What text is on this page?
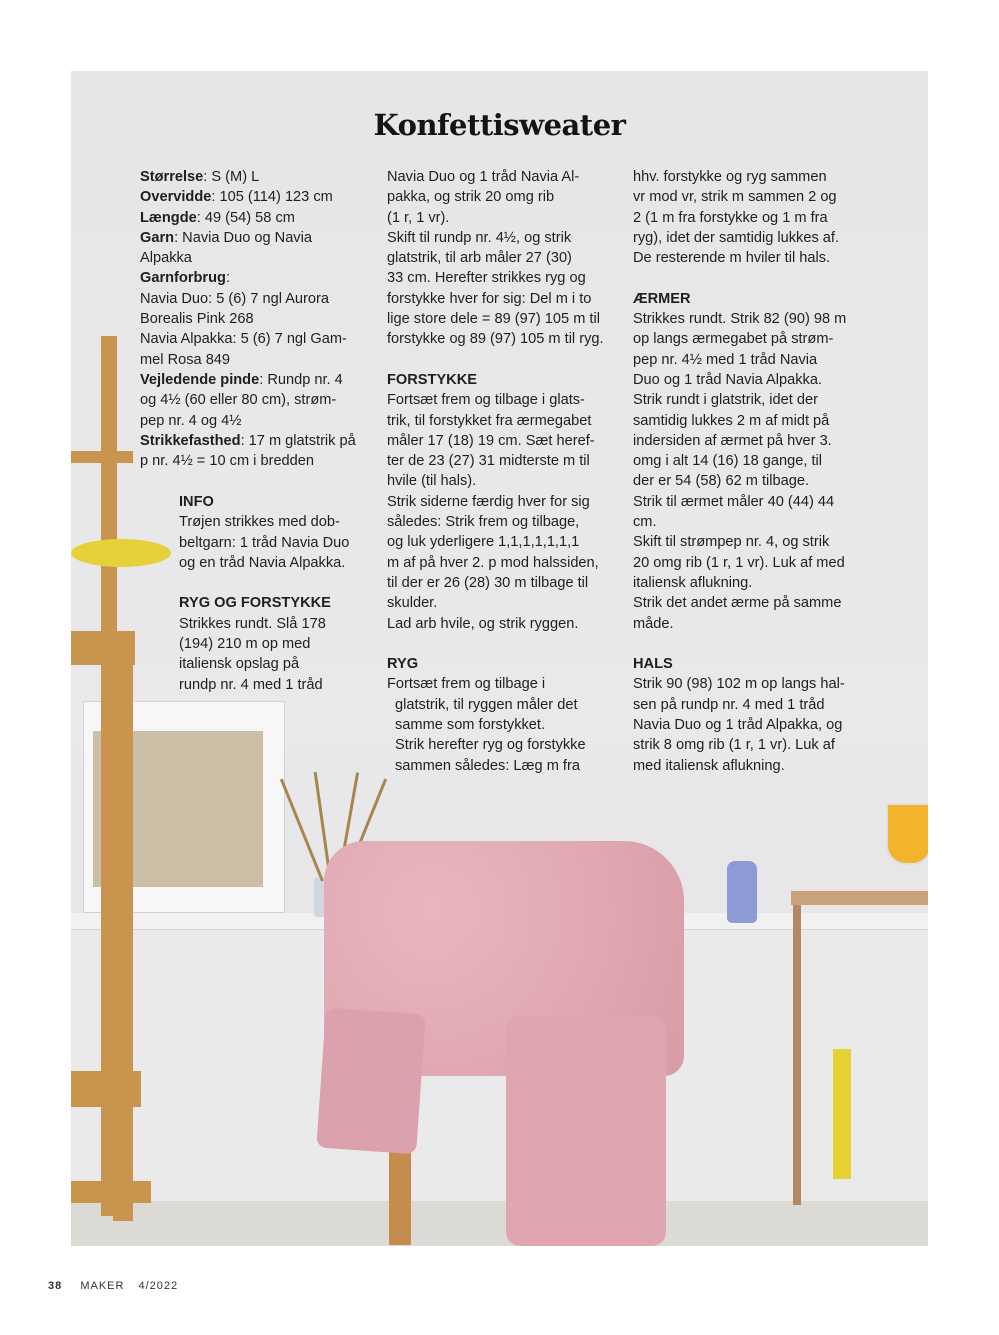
Konfettisweater

Størrelse: S (M) L

Overvidde: 105 (114) 123 cm

Længde: 49 (54) 58 cm

Garn: Navia Duo og Navia

Alpakka

Garnforbrug:

Navia Duo: 5 (6) 7 ngl Aurora

Borealis Pink 268

Navia Alpakka: 5 (6) 7 ngl Gam-

mel Rosa 849

Vejledende pinde: Rundp nr. 4

og 4½ (60 eller 80 cm), strøm-

pep nr. 4 og 4½

Strikkefasthed: 17 m glatstrik på

p nr. 4½ = 10 cm i bredden

INFO

Trøjen strikkes med dob-

beltgarn: 1 tråd Navia Duo

og en tråd Navia Alpakka.

RYG OG FORSTYKKE

Strikkes rundt. Slå 178

(194) 210 m op med

italiensk opslag på

rundp nr. 4 med 1 tråd

Navia Duo og 1 tråd Navia Al-

pakka, og strik 20 omg rib

(1 r, 1 vr).

Skift til rundp nr. 4½, og strik

glatstrik, til arb måler 27 (30)

33 cm. Herefter strikkes ryg og

forstykke hver for sig: Del m i to

lige store dele = 89 (97) 105 m til

forstykke og 89 (97) 105 m til ryg.

FORSTYKKE

Fortsæt frem og tilbage i glats-

trik, til forstykket fra ærmegabet

måler 17 (18) 19 cm. Sæt heref-

ter de 23 (27) 31 midterste m til

hvile (til hals).

Strik siderne færdig hver for sig

således: Strik frem og tilbage,

og luk yderligere 1,1,1,1,1,1,1

m af på hver 2. p mod halssiden,

til der er 26 (28) 30 m tilbage til

skulder.

Lad arb hvile, og strik ryggen.

RYG

Fortsæt frem og tilbage i

glatstrik, til ryggen måler det

samme som forstykket.

Strik herefter ryg og forstykke

sammen således: Læg m fra

hhv. forstykke og ryg sammen

vr mod vr, strik m sammen 2 og

2 (1 m fra forstykke og 1 m fra

ryg), idet der samtidig lukkes af.

De resterende m hviler til hals.

ÆRMER

Strikkes rundt. Strik 82 (90) 98 m

op langs ærmegabet på strøm-

pep nr. 4½ med 1 tråd Navia

Duo og 1 tråd Navia Alpakka.

Strik rundt i glatstrik, idet der

samtidig lukkes 2 m af midt på

indersiden af ærmet på hver 3.

omg i alt 14 (16) 18 gange, til

der er 54 (58) 62 m tilbage.

Strik til ærmet måler 40 (44) 44

cm.

Skift til strømpep nr. 4, og strik

20 omg rib (1 r, 1 vr). Luk af med

italiensk aflukning.

Strik det andet ærme på samme

måde.

HALS

Strik 90 (98) 102 m op langs hal-

sen på rundp nr. 4 med 1 tråd

Navia Duo og 1 tråd Alpakka, og

strik 8 omg rib (1 r, 1 vr). Luk af

med italiensk aflukning.

38 MAKER 4/2022
